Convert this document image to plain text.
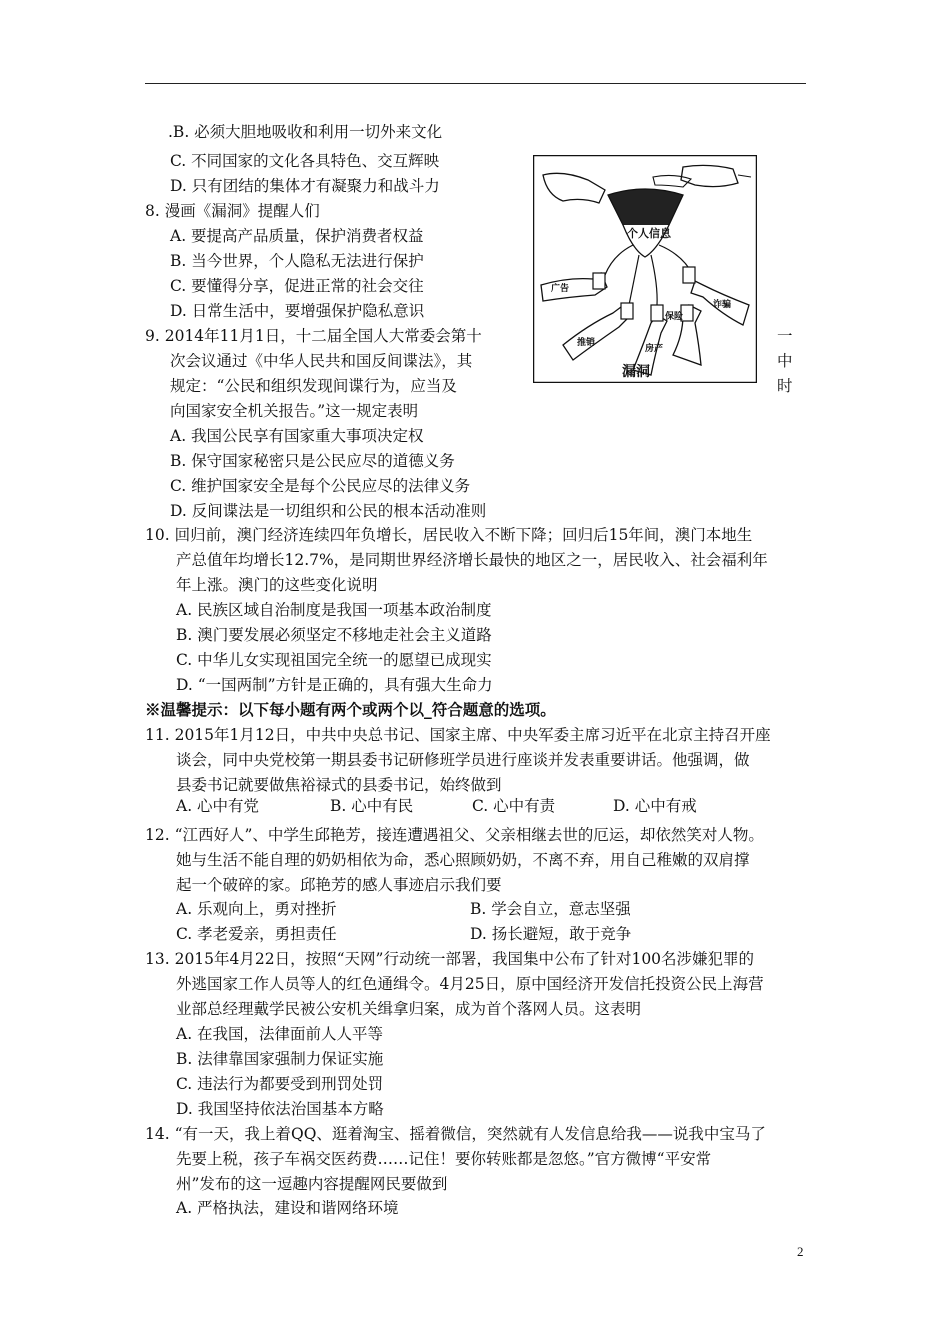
.B. 必须大胆地吸收和利用一切外来文化
C. 不同国家的文化各具特色、交互辉映
D. 只有团结的集体才有凝聚力和战斗力
8. 漫画《漏洞》提醒人们
A. 要提高产品质量，保护消费者权益
B. 当今世界，个人隐私无法进行保护
C. 要懂得分享，促进正常的社会交往
D. 日常生活中，要增强保护隐私意识
9. 2014年11月1日，十二届全国人大常委会第十
次会议通过《中华人民共和国反间谍法》，其
规定：“公民和组织发现间谍行为，应当及
向国家安全机关报告。”这一规定表明
一
中
时
A. 我国公民享有国家重大事项决定权
B. 保守国家秘密只是公民应尽的道德义务
C. 维护国家安全是每个公民应尽的法律义务
D. 反间谍法是一切组织和公民的根本活动准则
10. 回归前，澳门经济连续四年负增长，居民收入不断下降；回归后15年间，澳门本地生
产总值年均增长12.7%，是同期世界经济增长最快的地区之一，居民收入、社会福利年
年上涨。澳门的这些变化说明
A. 民族区域自治制度是我国一项基本政治制度
B. 澳门要发展必须坚定不移地走社会主义道路
C. 中华儿女实现祖国完全统一的愿望已成现实
D. “一国两制”方针是正确的，具有强大生命力
※温馨提示：以下每小题有两个或两个以_符合题意的选项。
11. 2015年1月12日，中共中央总书记、国家主席、中央军委主席习近平在北京主持召开座
谈会，同中央党校第一期县委书记研修班学员进行座谈并发表重要讲话。他强调，做
县委书记就要做焦裕禄式的县委书记，始终做到
A. 心中有党	B. 心中有民	C. 心中有责	D. 心中有戒
12. “江西好人”、中学生邱艳芳，接连遭遇祖父、父亲相继去世的厄运，却依然笑对人物。
她与生活不能自理的奶奶相依为命，悉心照顾奶奶，不离不弃，用自己稚嫩的双肩撑
起一个破碎的家。邱艳芳的感人事迹启示我们要
A. 乐观向上，勇对挫折	B. 学会自立，意志坚强
C. 孝老爱亲，勇担责任	D. 扬长避短，敢于竞争
13. 2015年4月22日，按照“天网”行动统一部署，我国集中公布了针对100名涉嫌犯罪的
外逃国家工作人员等人的红色通缉令。4月25日，原中国经济开发信托投资公民上海营
业部总经理戴学民被公安机关缉拿归案，成为首个落网人员。这表明
A. 在我国，法律面前人人平等
B. 法律靠国家强制力保证实施
C. 违法行为都要受到刑罚处罚
D. 我国坚持依法治国基本方略
14. “有一天，我上着QQ、逛着淘宝、摇着微信，突然就有人发信息给我——说我中宝马了
先要上税，孩子车祸交医药费……记住！要你转账都是忽悠。”官方微博“平安常
州”发布的这一逗趣内容提醒网民要做到
A. 严格执法，建设和谐网络环境
个人信息
广告
保险
诈骗
推销
房产
漏洞
2
